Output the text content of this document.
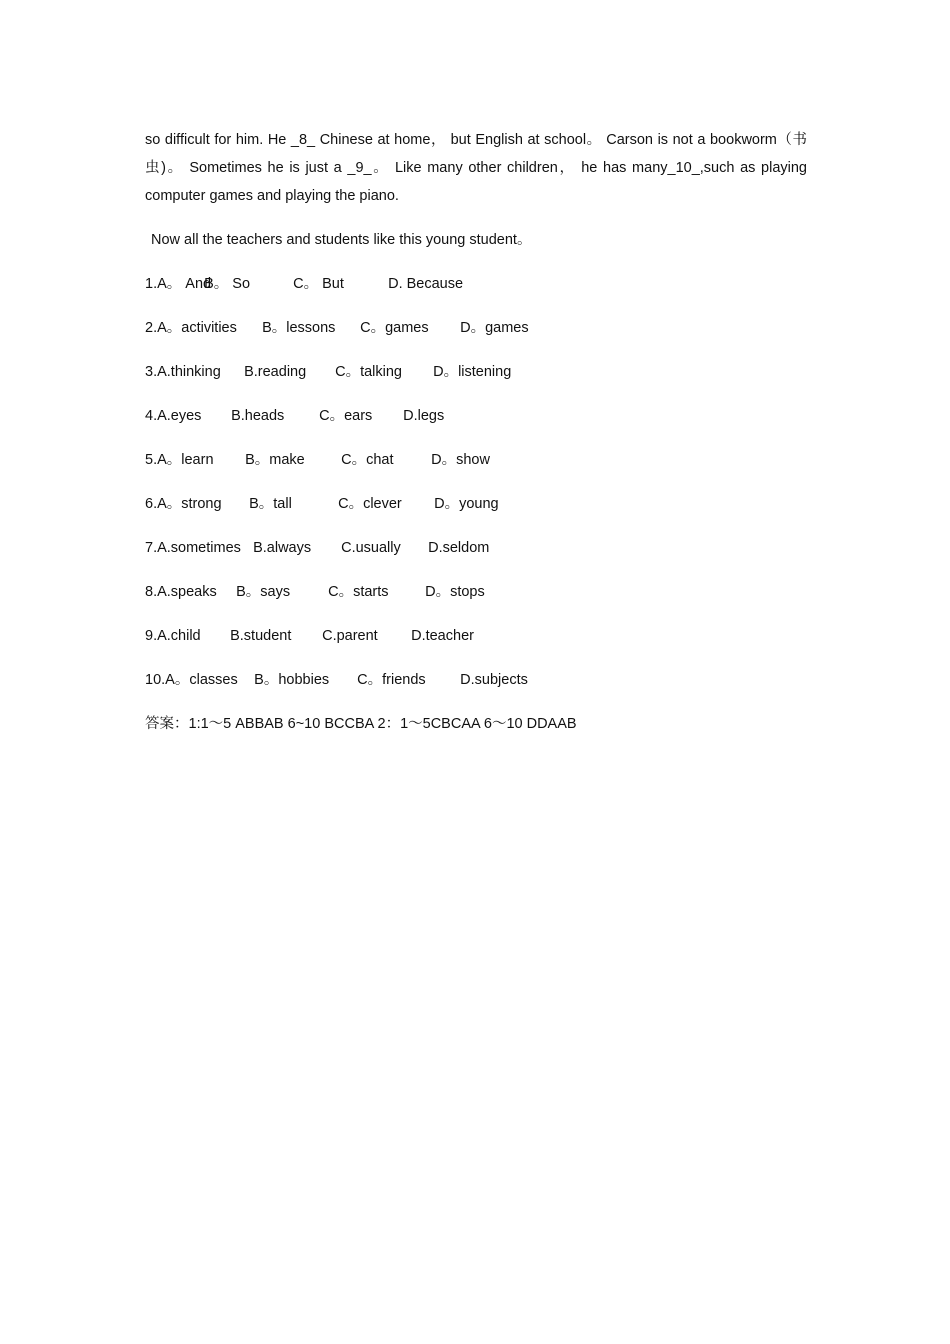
so difficult for him. He _8_ Chinese at home， but English at school。 Carson is not a bookworm（书虫)。 Sometimes he is just a _9_。 Like many other children， he has many_10_,such as playing computer games and playing the piano.

Now all the teachers and students like this young student。
1. A。 And
B。 So	C。 But	D. Because
2. A。activities	B。lessons	C。games	D。games
3. A.thinking	B.reading	C。talking	D。listening
4. A.eyes	B.heads	C。ears	D.legs
5. A。learn	B。make	C。chat	D。show
6. A。strong	B。tall	C。clever	D。young
7. A.sometimes B.always	C.usually	D.seldom
8. A.speaks	B。says	C。starts	D。stops
9. A.child	B.student	C.parent	D.teacher
10. A。classes	B。hobbies	C。friends	D.subjects
答案：1:1～5 ABBAB 6~10 BCCBA 2：1～5CBCAA 6～10 DDAAB
